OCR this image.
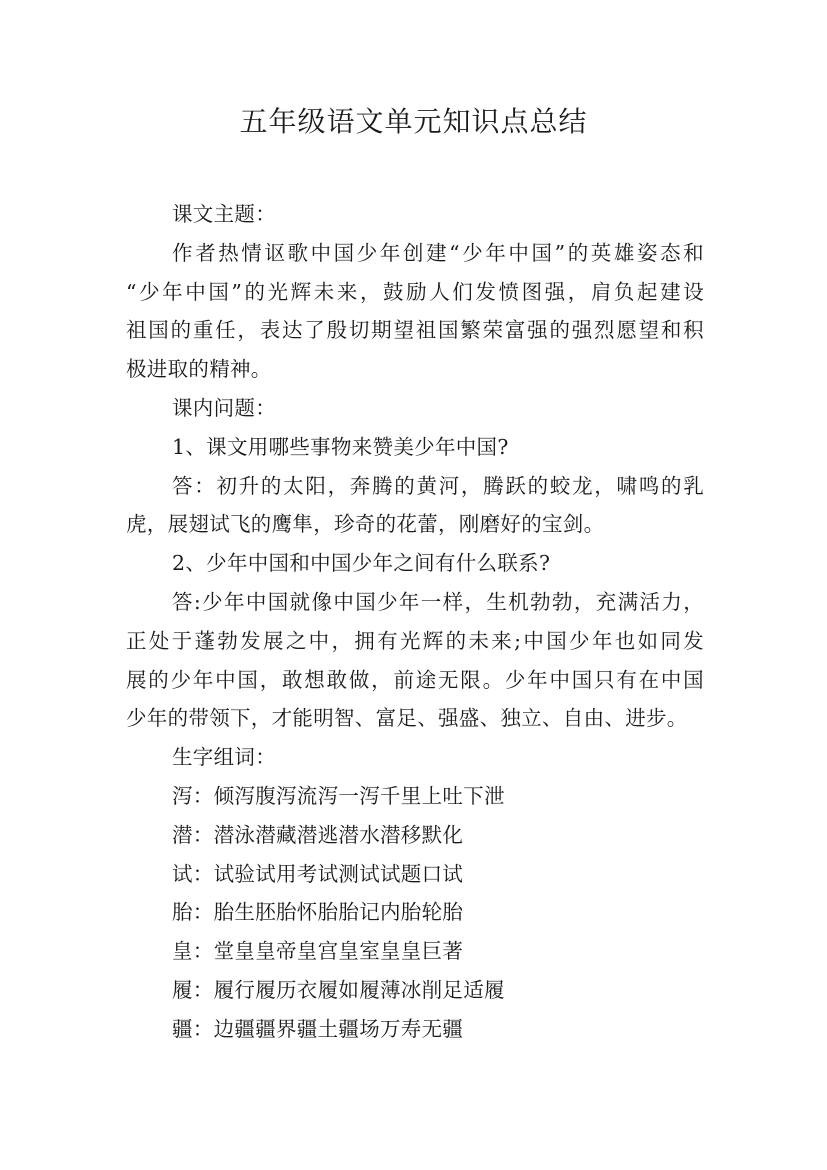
五年级语文单元知识点总结

课文主题：

作者热情讴歌中国少年创建“少年中国”的英雄姿态和
“少年中国”的光辉未来，鼓励人们发愤图强，肩负起建设
祖国的重任，表达了殷切期望祖国繁荣富强的强烈愿望和积
极进取的精神。

课内问题：

1、课文用哪些事物来赞美少年中国?

答：初升的太阳，奔腾的黄河，腾跃的蛟龙，啸鸣的乳
虎，展翅试飞的鹰隼，珍奇的花蕾，刚磨好的宝剑。

2、少年中国和中国少年之间有什么联系?

答:少年中国就像中国少年一样，生机勃勃，充满活力，
正处于蓬勃发展之中，拥有光辉的未来;中国少年也如同发
展的少年中国，敢想敢做，前途无限。少年中国只有在中国
少年的带领下，才能明智、富足、强盛、独立、自由、进步。

生字组词：

泻：倾泻腹泻流泻一泻千里上吐下泄
潜：潜泳潜藏潜逃潜水潜移默化
试：试验试用考试测试试题口试
胎：胎生胚胎怀胎胎记内胎轮胎
皇：堂皇皇帝皇宫皇室皇皇巨著
履：履行履历衣履如履薄冰削足适履
疆：边疆疆界疆土疆场万寿无疆
